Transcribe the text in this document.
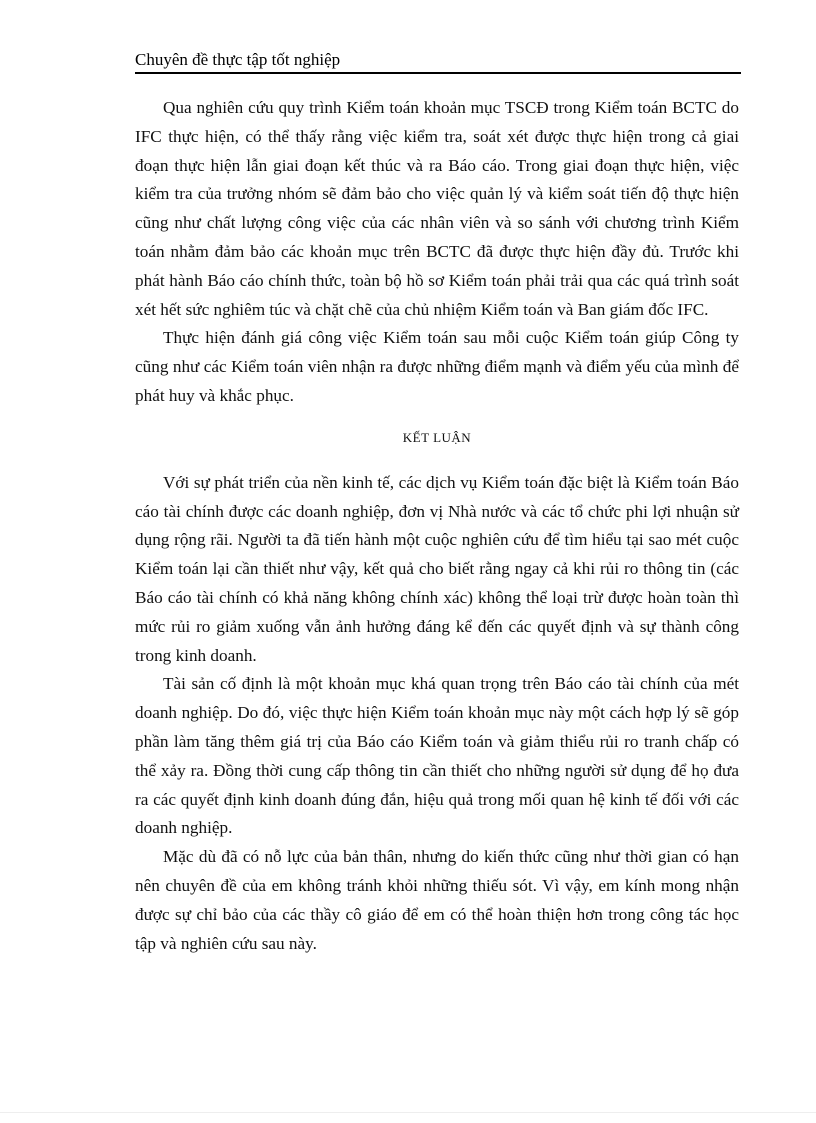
Chuyên đề thực tập tốt nghiệp

Qua nghiên cứu quy trình Kiểm toán khoản mục TSCĐ trong Kiểm toán BCTC do IFC thực hiện, có thể thấy rằng việc kiểm tra, soát xét được thực hiện trong cả giai đoạn thực hiện lẫn giai đoạn kết thúc và ra Báo cáo. Trong giai đoạn thực hiện, việc kiểm tra của trưởng nhóm sẽ đảm bảo cho việc quản lý và kiểm soát tiến độ thực hiện cũng như chất lượng công việc của các nhân viên và so sánh với chương trình Kiểm toán nhằm đảm bảo các khoản mục trên BCTC đã được thực hiện đầy đủ. Trước khi phát hành Báo cáo chính thức, toàn bộ hồ sơ Kiểm toán phải trải qua các quá trình soát xét hết sức nghiêm túc và chặt chẽ của chủ nhiệm Kiểm toán và Ban giám đốc IFC.

Thực hiện đánh giá công việc Kiểm toán sau mỗi cuộc Kiểm toán giúp Công ty cũng như các Kiểm toán viên nhận ra được những điểm mạnh và điểm yếu của mình để phát huy và khắc phục.

KẾT LUẬN

Với sự phát triển của nền kinh tế, các dịch vụ Kiểm toán đặc biệt là Kiểm toán Báo cáo tài chính được các doanh nghiệp, đơn vị Nhà nước và các tổ chức phi lợi nhuận sử dụng rộng rãi. Người ta đã tiến hành một cuộc nghiên cứu để tìm hiểu tại sao mét cuộc Kiểm toán lại cần thiết như vậy, kết quả cho biết rằng ngay cả khi rủi ro thông tin (các Báo cáo tài chính có khả năng không chính xác) không thể loại trừ được hoàn toàn thì mức rủi ro giảm xuống vẫn ảnh hưởng đáng kể đến các quyết định và sự thành công trong kinh doanh.

Tài sản cố định là một khoản mục khá quan trọng trên Báo cáo tài chính của mét doanh nghiệp. Do đó, việc thực hiện Kiểm toán khoản mục này một cách hợp lý sẽ góp phần làm tăng thêm giá trị của Báo cáo Kiểm toán và giảm thiểu rủi ro tranh chấp có thể xảy ra. Đồng thời cung cấp thông tin cần thiết cho những người sử dụng để họ đưa ra các quyết định kinh doanh đúng đắn, hiệu quả trong mối quan hệ kinh tế đối với các doanh nghiệp.

Mặc dù đã có nỗ lực của bản thân, nhưng do kiến thức cũng như thời gian có hạn nên chuyên đề của em không tránh khỏi những thiếu sót. Vì vậy, em kính mong nhận được sự chỉ bảo của các thầy cô giáo để em có thể hoàn thiện hơn trong công tác học tập và nghiên cứu sau này.
